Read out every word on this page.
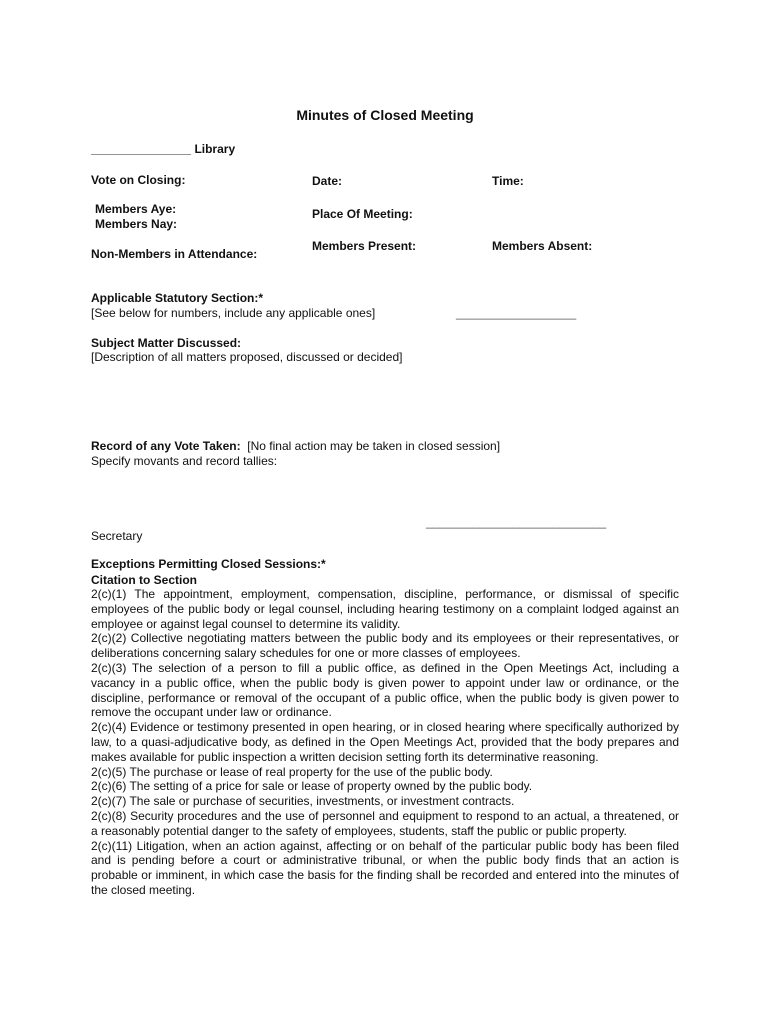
Minutes of Closed Meeting
_______________ Library
Vote on Closing:	Date:	Time:
Members Aye:
Members Nay:
Place Of Meeting:
Non-Members in Attendance:
Members Present:	Members Absent:
Applicable Statutory Section:*
[See below for numbers, include any applicable ones]	__________________
Subject Matter Discussed:
[Description of all matters proposed, discussed or decided]
Record of any Vote Taken: [No final action may be taken in closed session]
Specify movants and record tallies:
___________________________
Secretary
Exceptions Permitting Closed Sessions:*
Citation to Section

2(c)(1) The appointment, employment, compensation, discipline, performance, or dismissal of specific employees of the public body or legal counsel, including hearing testimony on a complaint lodged against an employee or against legal counsel to determine its validity.

2(c)(2) Collective negotiating matters between the public body and its employees or their representatives, or deliberations concerning salary schedules for one or more classes of employees.

2(c)(3) The selection of a person to fill a public office, as defined in the Open Meetings Act, including a vacancy in a public office, when the public body is given power to appoint under law or ordinance, or the discipline, performance or removal of the occupant of a public office, when the public body is given power to remove the occupant under law or ordinance.

2(c)(4) Evidence or testimony presented in open hearing, or in closed hearing where specifically authorized by law, to a quasi-adjudicative body, as defined in the Open Meetings Act, provided that the body prepares and makes available for public inspection a written decision setting forth its determinative reasoning.

2(c)(5) The purchase or lease of real property for the use of the public body.

2(c)(6) The setting of a price for sale or lease of property owned by the public body.

2(c)(7) The sale or purchase of securities, investments, or investment contracts.

2(c)(8) Security procedures and the use of personnel and equipment to respond to an actual, a threatened, or a reasonably potential danger to the safety of employees, students, staff the public or public property.

2(c)(11) Litigation, when an action against, affecting or on behalf of the particular public body has been filed and is pending before a court or administrative tribunal, or when the public body finds that an action is probable or imminent, in which case the basis for the finding shall be recorded and entered into the minutes of the closed meeting.
